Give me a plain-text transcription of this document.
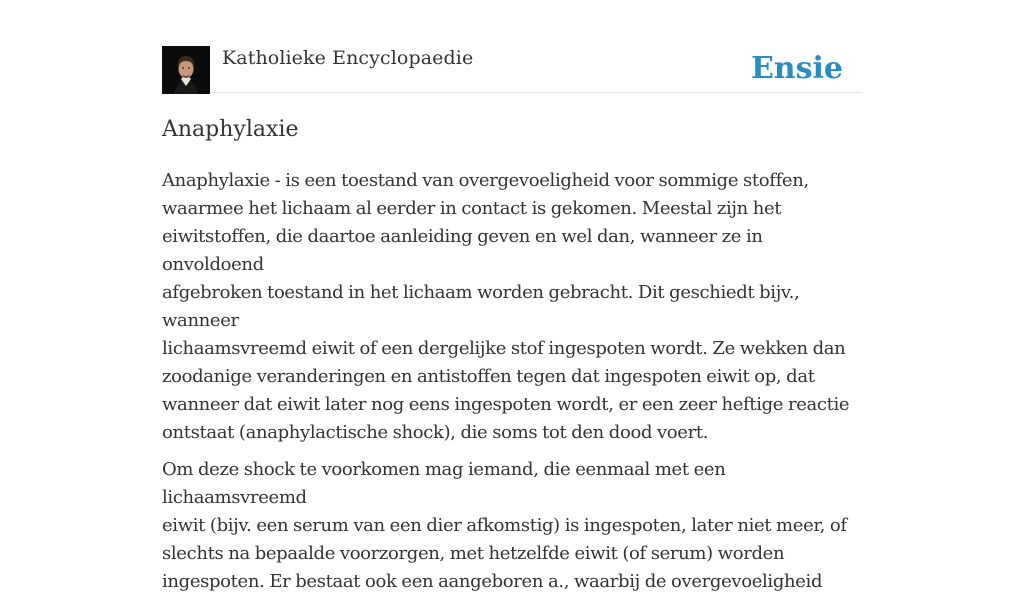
Katholieke Encyclopaedie	Ensie
Anaphylaxie

Anaphylaxie - is een toestand van overgevoeligheid voor sommige stoffen,
waarmee het lichaam al eerder in contact is gekomen. Meestal zijn het
eiwitstoffen, die daartoe aanleiding geven en wel dan, wanneer ze in onvoldoend
afgebroken toestand in het lichaam worden gebracht. Dit geschiedt bijv., wanneer
lichaamsvreemd eiwit of een dergelijke stof ingespoten wordt. Ze wekken dan
zoodanige veranderingen en antistoffen tegen dat ingespoten eiwit op, dat
wanneer dat eiwit later nog eens ingespoten wordt, er een zeer heftige reactie
ontstaat (anaphylactische shock), die soms tot den dood voert.

Om deze shock te voorkomen mag iemand, die eenmaal met een lichaamsvreemd
eiwit (bijv. een serum van een dier afkomstig) is ingespoten, later niet meer, of
slechts na bepaalde voorzorgen, met hetzelfde eiwit (of serum) worden
ingespoten. Er bestaat ook een aangeboren a., waarbij de overgevoeligheid
